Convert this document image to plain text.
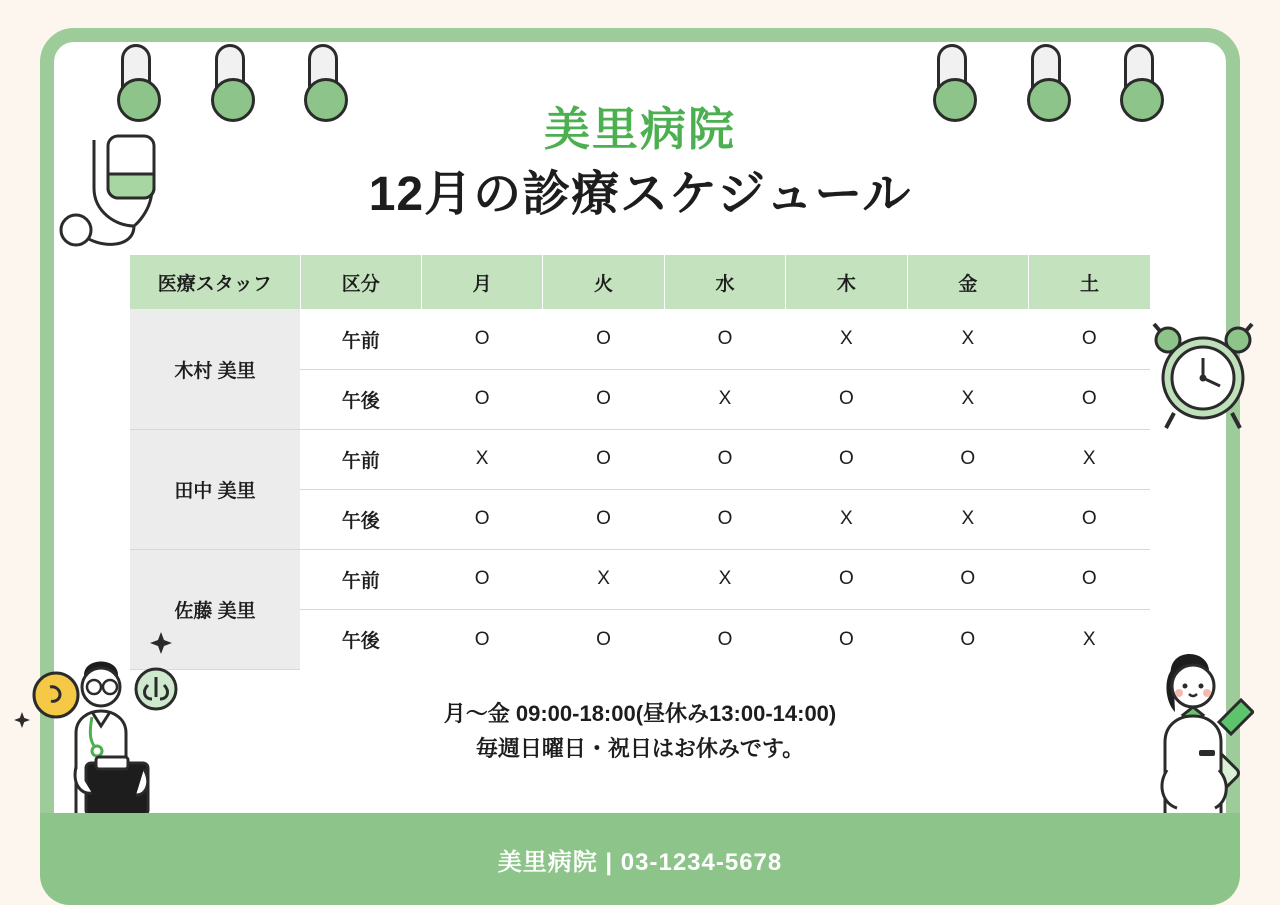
美里病院
12月の診療スケジュール
医療スタッフ	区分	月	火	水	木	金	土
木村 美里	午前	O	O	O	X	X	O
	午後	O	O	X	O	X	O
田中 美里	午前	X	O	O	O	O	X
	午後	O	O	O	X	X	O
佐藤 美里	午前	O	X	X	O	O	O
	午後	O	O	O	O	O	X
月〜金 09:00-18:00(昼休み13:00-14:00)
毎週日曜日・祝日はお休みです。
美里病院 | 03-1234-5678
